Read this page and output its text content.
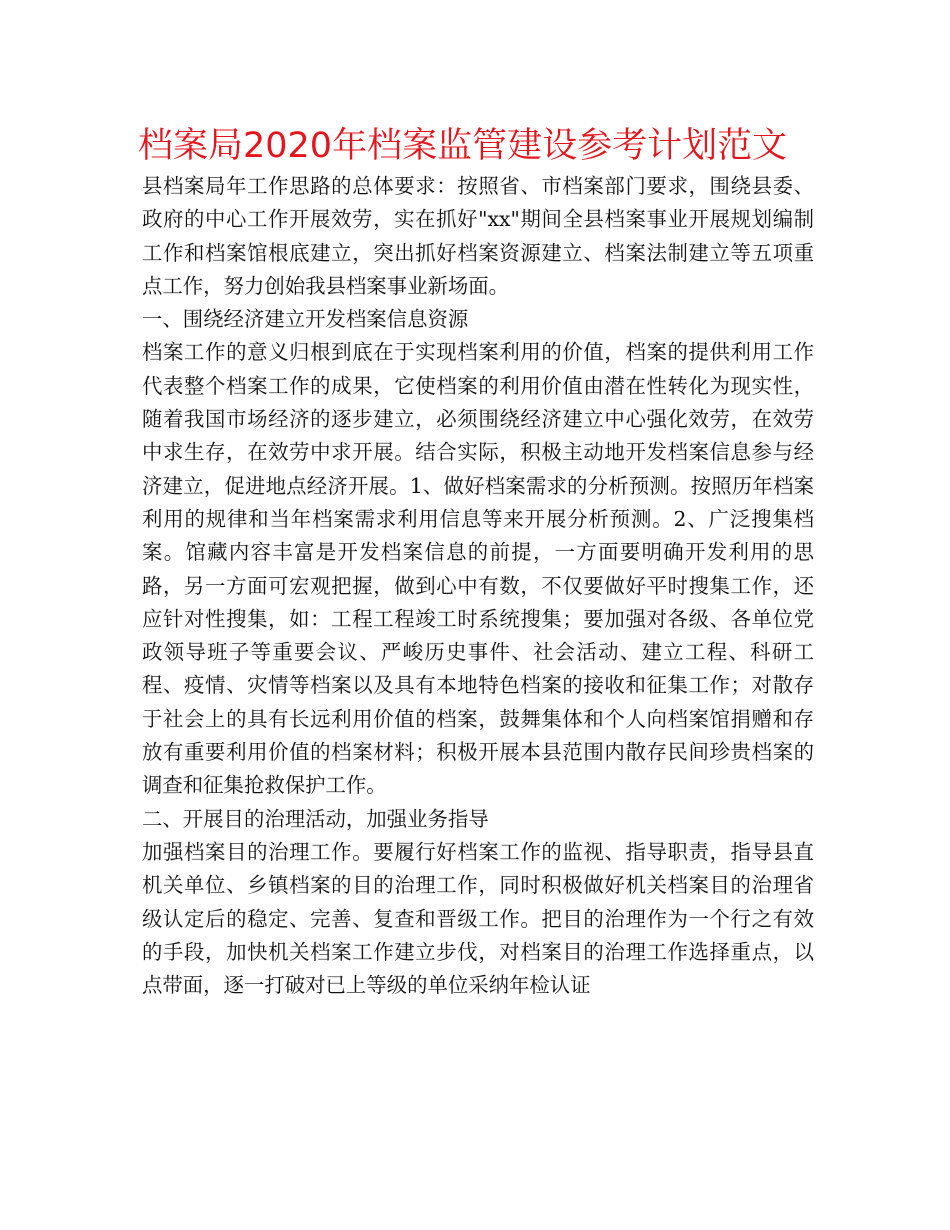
档案局2020年档案监管建设参考计划范文

县档案局年工作思路的总体要求：按照省、市档案部门要求，围绕县委、政府的中心工作开展效劳，实在抓好"xx"期间全县档案事业开展规划编制工作和档案馆根底建立，突出抓好档案资源建立、档案法制建立等五项重点工作，努力创始我县档案事业新场面。

一、围绕经济建立开发档案信息资源

档案工作的意义归根到底在于实现档案利用的价值，档案的提供利用工作代表整个档案工作的成果，它使档案的利用价值由潜在性转化为现实性，随着我国市场经济的逐步建立，必须围绕经济建立中心强化效劳，在效劳中求生存，在效劳中求开展。结合实际，积极主动地开发档案信息参与经济建立，促进地点经济开展。1、做好档案需求的分析预测。按照历年档案利用的规律和当年档案需求利用信息等来开展分析预测。2、广泛搜集档案。馆藏内容丰富是开发档案信息的前提，一方面要明确开发利用的思路，另一方面可宏观把握，做到心中有数，不仅要做好平时搜集工作，还应针对性搜集，如：工程工程竣工时系统搜集；要加强对各级、各单位党政领导班子等重要会议、严峻历史事件、社会活动、建立工程、科研工程、疫情、灾情等档案以及具有本地特色档案的接收和征集工作；对散存于社会上的具有长远利用价值的档案，鼓舞集体和个人向档案馆捐赠和存放有重要利用价值的档案材料；积极开展本县范围内散存民间珍贵档案的调查和征集抢救保护工作。

二、开展目的治理活动，加强业务指导

加强档案目的治理工作。要履行好档案工作的监视、指导职责，指导县直机关单位、乡镇档案的目的治理工作，同时积极做好机关档案目的治理省级认定后的稳定、完善、复查和晋级工作。把目的治理作为一个行之有效的手段，加快机关档案工作建立步伐，对档案目的治理工作选择重点，以点带面，逐一打破对已上等级的单位采纳年检认证
